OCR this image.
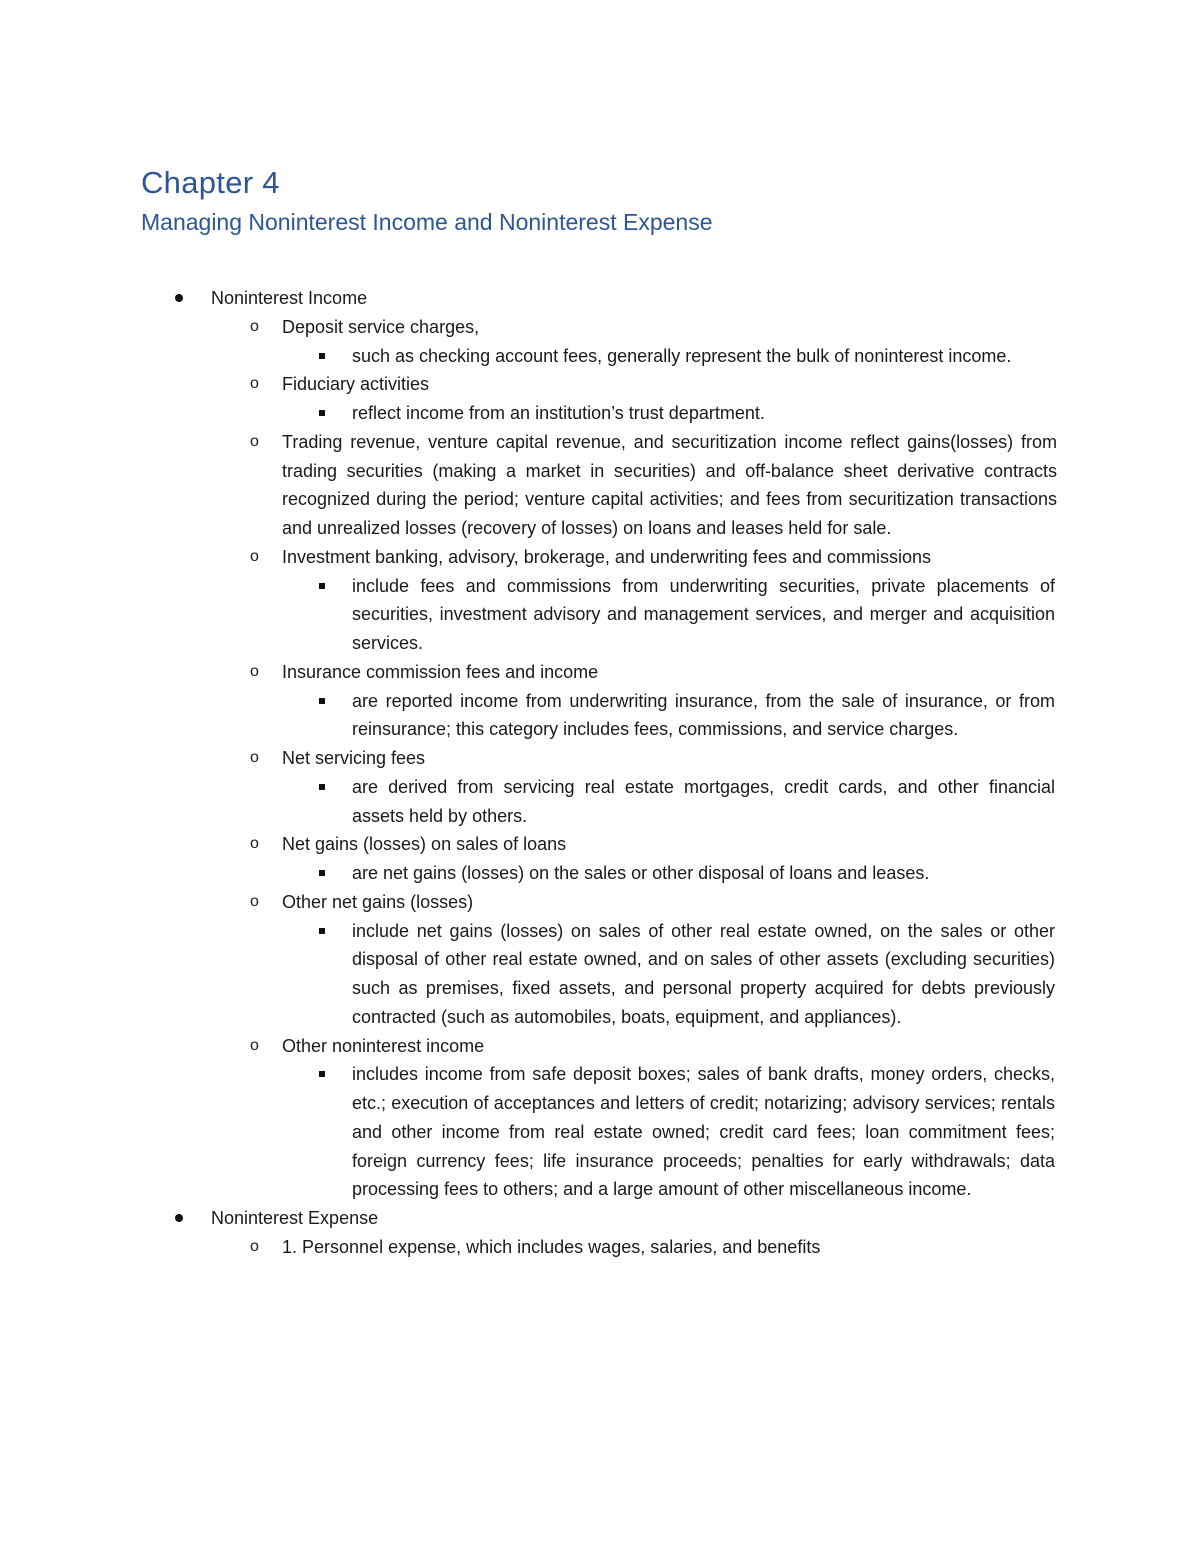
Chapter 4
Managing Noninterest Income and Noninterest Expense
Noninterest Income
o Deposit service charges,
such as checking account fees, generally represent the bulk of noninterest income.
o Fiduciary activities
reflect income from an institution’s trust department.
o Trading revenue, venture capital revenue, and securitization income reflect gains(losses) from trading securities (making a market in securities) and off-balance sheet derivative contracts recognized during the period; venture capital activities; and fees from securitization transactions and unrealized losses (recovery of losses) on loans and leases held for sale.
o Investment banking, advisory, brokerage, and underwriting fees and commissions
include fees and commissions from underwriting securities, private placements of securities, investment advisory and management services, and merger and acquisition services.
o Insurance commission fees and income
are reported income from underwriting insurance, from the sale of insurance, or from reinsurance; this category includes fees, commissions, and service charges.
o Net servicing fees
are derived from servicing real estate mortgages, credit cards, and other financial assets held by others.
o Net gains (losses) on sales of loans
are net gains (losses) on the sales or other disposal of loans and leases.
o Other net gains (losses)
include net gains (losses) on sales of other real estate owned, on the sales or other disposal of other real estate owned, and on sales of other assets (excluding securities) such as premises, fixed assets, and personal property acquired for debts previously contracted (such as automobiles, boats, equipment, and appliances).
o Other noninterest income
includes income from safe deposit boxes; sales of bank drafts, money orders, checks, etc.; execution of acceptances and letters of credit; notarizing; advisory services; rentals and other income from real estate owned; credit card fees; loan commitment fees; foreign currency fees; life insurance proceeds; penalties for early withdrawals; data processing fees to others; and a large amount of other miscellaneous income.
Noninterest Expense
o 1. Personnel expense, which includes wages, salaries, and benefits
